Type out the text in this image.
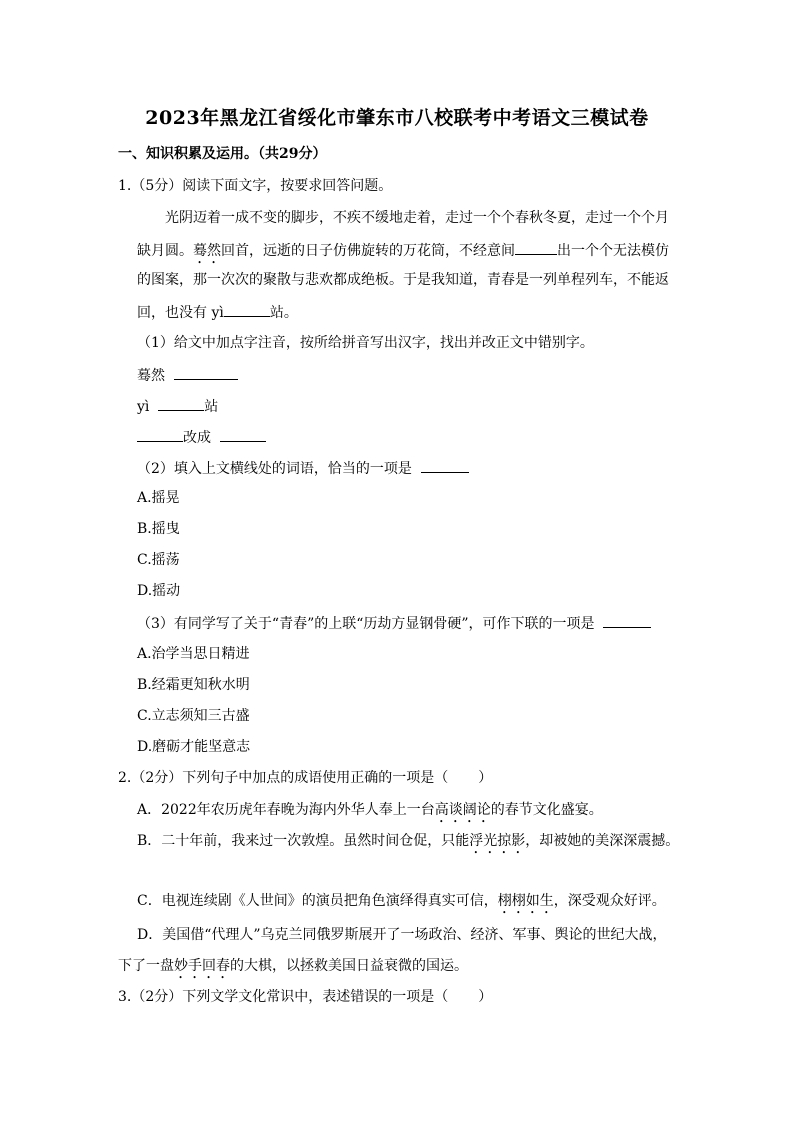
2023年黑龙江省绥化市肇东市八校联考中考语文三模试卷
一、知识积累及运用。（共29分）
1.（5分）阅读下面文字，按要求回答问题。
光阴迈着一成不变的脚步，不疾不缓地走着，走过一个个春秋冬夏，走过一个个月
缺月圆。蓦然回首，远逝的日子仿佛旋转的万花筒，不经意间	出一个个无法模仿
的图案，那一次次的聚散与悲欢都成绝板。于是我知道，青春是一列单程列车，不能返
回，也没有 yì	站。
（1）给文中加点字注音，按所给拼音写出汉字，找出并改正文中错别字。
蓦然
yì	站
改成
（2）填入上文横线处的词语，恰当的一项是
A.摇晃
B.摇曳
C.摇荡
D.摇动
（3）有同学写了关于“青春”的上联“历劫方显钢骨硬”，可作下联的一项是
A.治学当思日精进
B.经霜更知秋水明
C.立志须知三古盛
D.磨砺才能坚意志
2.（2分）下列句子中加点的成语使用正确的一项是（ ）
A．2022年农历虎年春晚为海内外华人奉上一台高谈阔论的春节文化盛宴。
B．二十年前，我来过一次敦煌。虽然时间仓促，只能浮光掠影，却被她的美深深震撼。
C．电视连续剧《人世间》的演员把角色演绎得真实可信，栩栩如生，深受观众好评。
D．美国借“代理人”乌克兰同俄罗斯展开了一场政治、经济、军事、舆论的世纪大战，
下了一盘妙手回春的大棋，以拯救美国日益衰微的国运。
3.（2分）下列文学文化常识中，表述错误的一项是（ ）
